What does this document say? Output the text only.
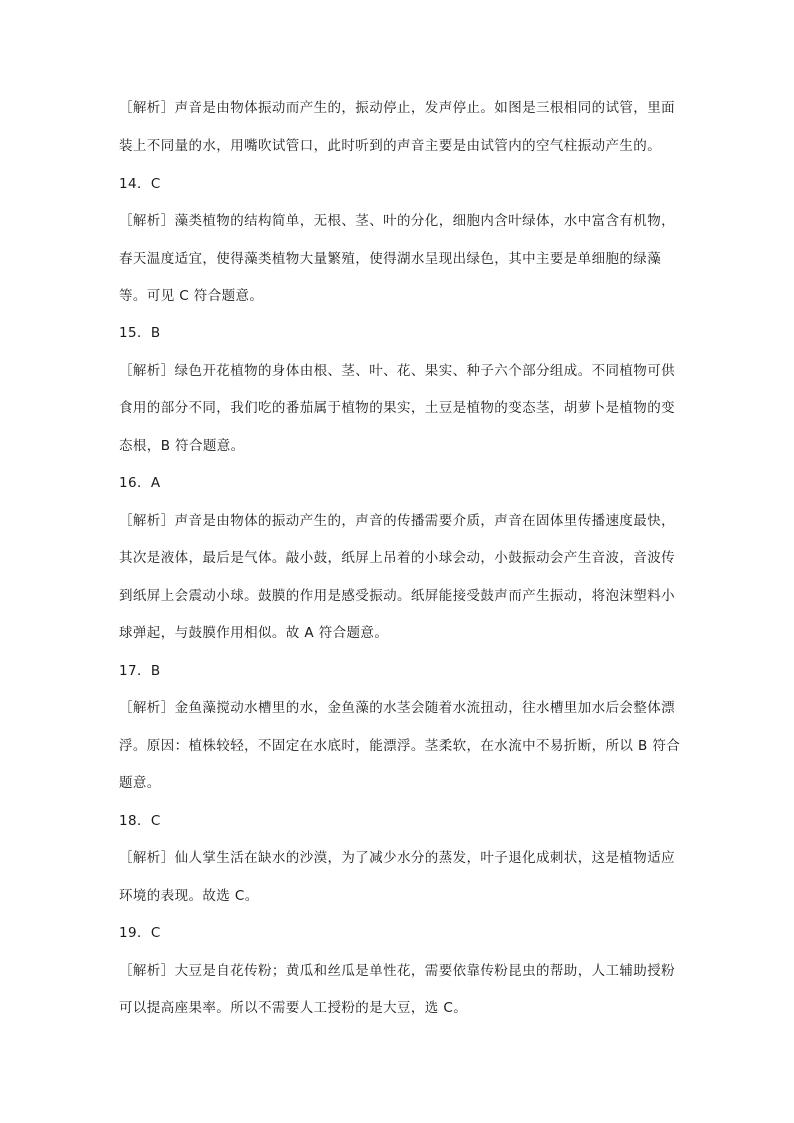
［解析］声音是由物体振动而产生的，振动停止，发声停止。如图是三根相同的试管，里面
装上不同量的水，用嘴吹试管口，此时听到的声音主要是由试管内的空气柱振动产生的。
14．C
［解析］藻类植物的结构简单，无根、茎、叶的分化，细胞内含叶绿体，水中富含有机物，
春天温度适宜，使得藻类植物大量繁殖，使得湖水呈现出绿色，其中主要是单细胞的绿藻
等。可见 C 符合题意。
15．B
［解析］绿色开花植物的身体由根、茎、叶、花、果实、种子六个部分组成。不同植物可供
食用的部分不同，我们吃的番茄属于植物的果实，土豆是植物的变态茎，胡萝卜是植物的变
态根，B 符合题意。
16．A
［解析］声音是由物体的振动产生的，声音的传播需要介质，声音在固体里传播速度最快，
其次是液体，最后是气体。敲小鼓，纸屏上吊着的小球会动，小鼓振动会产生音波，音波传
到纸屏上会震动小球。鼓膜的作用是感受振动。纸屏能接受鼓声而产生振动，将泡沫塑料小
球弹起，与鼓膜作用相似。故 A 符合题意。
17．B
［解析］金鱼藻搅动水槽里的水，金鱼藻的水茎会随着水流扭动，往水槽里加水后会整体漂
浮。原因：植株较轻，不固定在水底时，能漂浮。茎柔软，在水流中不易折断，所以 B 符合
题意。
18．C
［解析］仙人掌生活在缺水的沙漠，为了减少水分的蒸发，叶子退化成刺状，这是植物适应
环境的表现。故选 C。
19．C
［解析］大豆是自花传粉；黄瓜和丝瓜是单性花，需要依靠传粉昆虫的帮助，人工辅助授粉
可以提高座果率。所以不需要人工授粉的是大豆，选 C。
